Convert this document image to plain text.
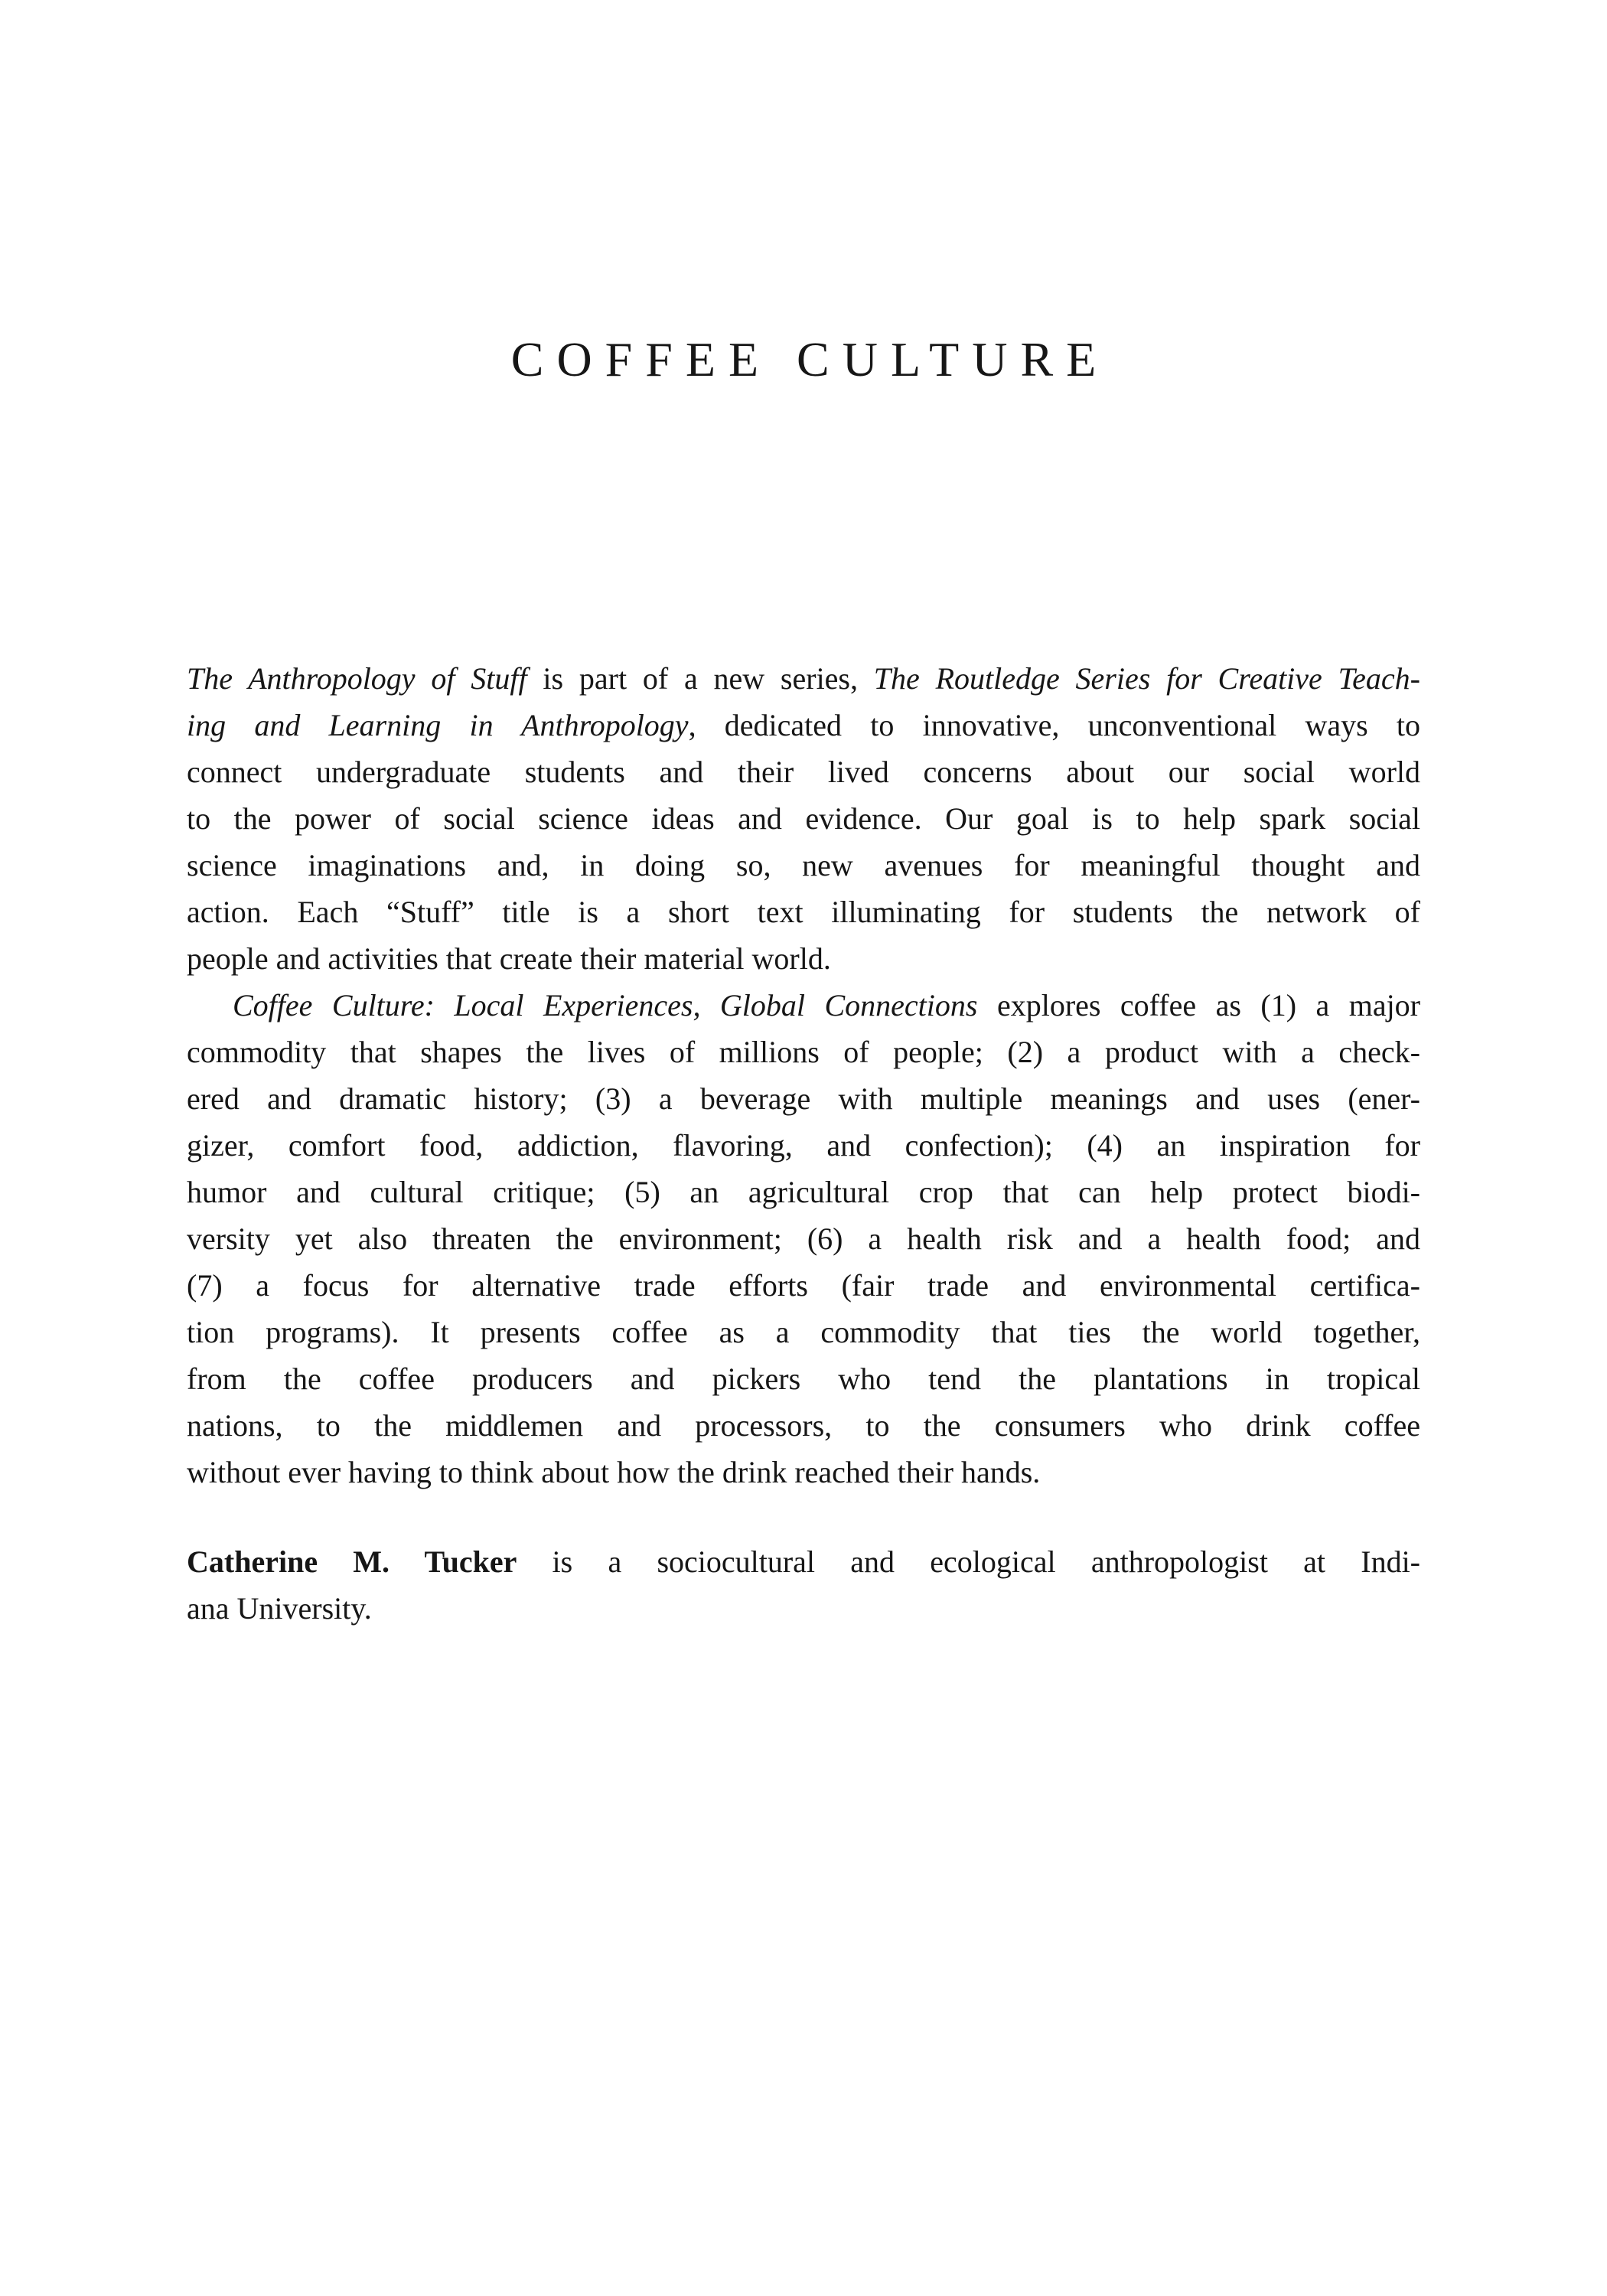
COFFEE CULTURE
The Anthropology of Stuff is part of a new series, The Routledge Series for Creative Teach-
ing and Learning in Anthropology, dedicated to innovative, unconventional ways to
connect undergraduate students and their lived concerns about our social world
to the power of social science ideas and evidence. Our goal is to help spark social
science imaginations and, in doing so, new avenues for meaningful thought and
action. Each “Stuff” title is a short text illuminating for students the network of
people and activities that create their material world.
Coffee Culture: Local Experiences, Global Connections explores coffee as (1) a major
commodity that shapes the lives of millions of people; (2) a product with a check-
ered and dramatic history; (3) a beverage with multiple meanings and uses (ener-
gizer, comfort food, addiction, flavoring, and confection); (4) an inspiration for
humor and cultural critique; (5) an agricultural crop that can help protect biodi-
versity yet also threaten the environment; (6) a health risk and a health food; and
(7) a focus for alternative trade efforts (fair trade and environmental certifica-
tion programs). It presents coffee as a commodity that ties the world together,
from the coffee producers and pickers who tend the plantations in tropical
nations, to the middlemen and processors, to the consumers who drink coffee
without ever having to think about how the drink reached their hands.
Catherine M. Tucker is a sociocultural and ecological anthropologist at Indi-
ana University.
